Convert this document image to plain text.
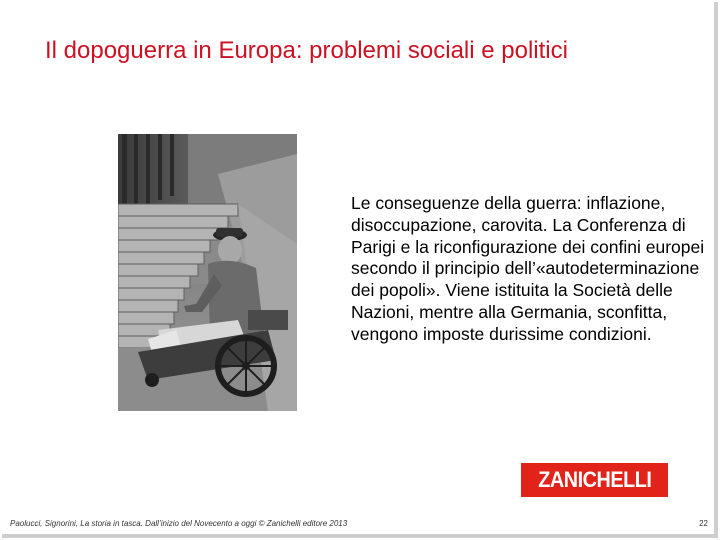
Il dopoguerra in Europa: problemi sociali e politici

Le conseguenze della guerra: inflazione, disoccupazione, carovita. La Conferenza di Parigi e la riconfigurazione dei confini europei secondo il principio dell’«autodeterminazione dei popoli». Viene istituita la Società delle Nazioni, mentre alla Germania, sconfitta, vengono imposte durissime condizioni.

ZANICHELLI
Paolucci, Signorini, La storia in tasca. Dall’inizio del Novecento a oggi © Zanichelli editore 2013	22
